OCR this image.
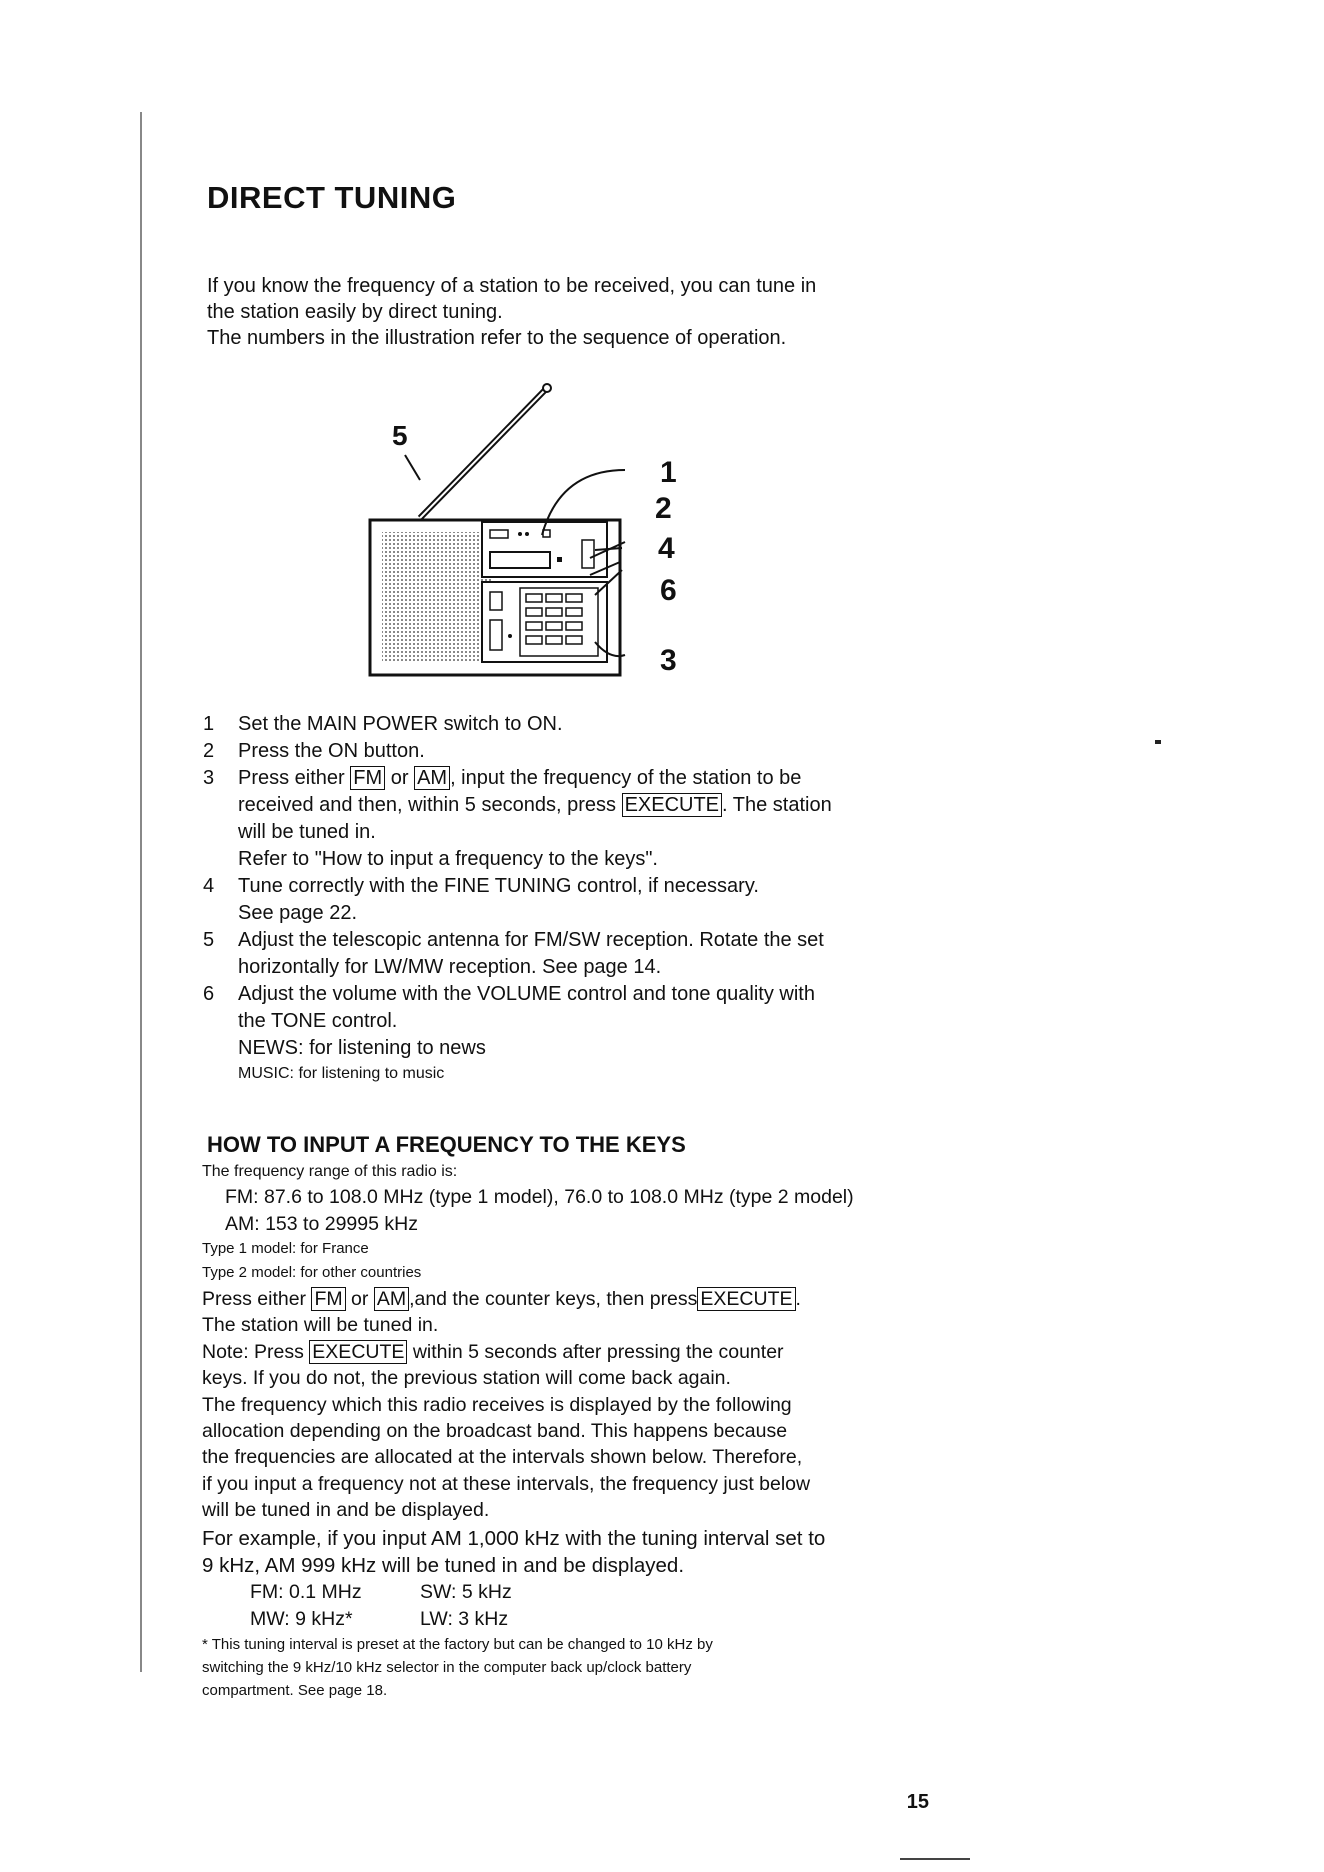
DIRECT TUNING
If you know the frequency of a station to be received, you can tune in
the station easily by direct tuning.
The numbers in the illustration refer to the sequence of operation.
5
1
2
4
6
3
1 Set the MAIN POWER switch to ON.
2 Press the ON button.
3 Press either FM or AM , input the frequency of the station to be
received and then, within 5 seconds, press EXECUTE . The station
will be tuned in.
Refer to "How to input a frequency to the keys".
4 Tune correctly with the FINE TUNING control, if necessary.
See page 22.
5 Adjust the telescopic antenna for FM/SW reception. Rotate the set
horizontally for LW/MW reception. See page 14.
6 Adjust the volume with the VOLUME control and tone quality with
the TONE control.
NEWS: for listening to news
MUSIC: for listening to music
HOW TO INPUT A FREQUENCY TO THE KEYS
The frequency range of this radio is:
FM: 87.6 to 108.0 MHz (type 1 model), 76.0 to 108.0 MHz (type 2 model)
AM: 153 to 29995 kHz
Type 1 model: for France
Type 2 model: for other countries
Press either FM or AM ,and the counter keys, then press EXECUTE .
The station will be tuned in.
Note: Press EXECUTE within 5 seconds after pressing the counter
keys. If you do not, the previous station will come back again.
The frequency which this radio receives is displayed by the following
allocation depending on the broadcast band. This happens because
the frequencies are allocated at the intervals shown below. Therefore,
if you input a frequency not at these intervals, the frequency just below
will be tuned in and be displayed.
For example, if you input AM 1,000 kHz with the tuning interval set to
9 kHz, AM 999 kHz will be tuned in and be displayed.
FM: 0.1 MHz	SW: 5 kHz
MW: 9 kHz*	LW: 3 kHz
* This tuning interval is preset at the factory but can be changed to 10 kHz by
switching the 9 kHz/10 kHz selector in the computer back up/clock battery
compartment. See page 18.
15
